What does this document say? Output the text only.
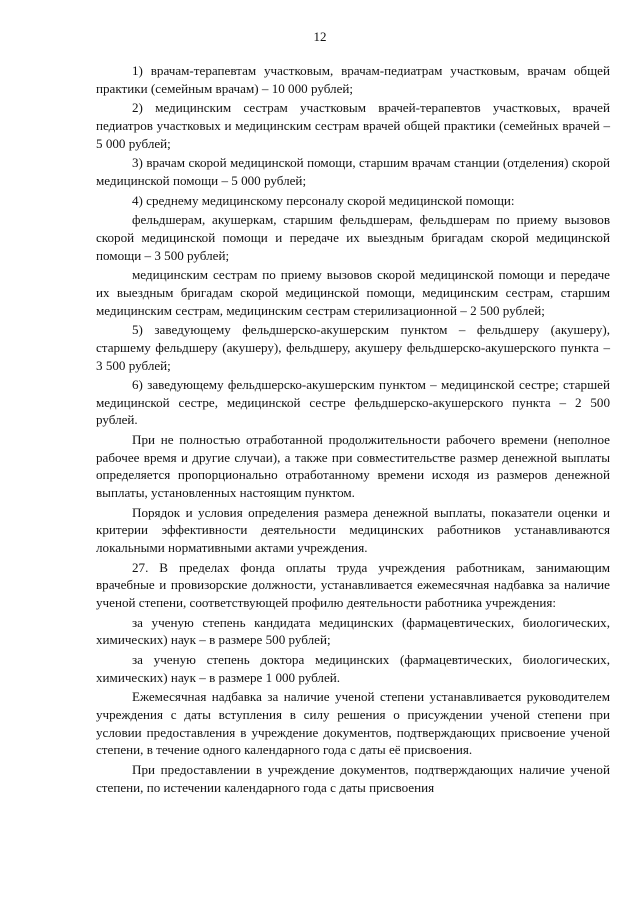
12

1) врачам-терапевтам участковым, врачам-педиатрам участковым, врачам общей практики (семейным врачам) – 10 000 рублей;

2) медицинским сестрам участковым врачей-терапевтов участковых, врачей педиатров участковых и медицинским сестрам врачей общей практики (семейных врачей – 5 000 рублей;

3) врачам скорой медицинской помощи, старшим врачам станции (отделения) скорой медицинской помощи – 5 000 рублей;

4) среднему медицинскому персоналу скорой медицинской помощи:

фельдшерам, акушеркам, старшим фельдшерам, фельдшерам по приему вызовов скорой медицинской помощи и передаче их выездным бригадам скорой медицинской помощи – 3 500 рублей;

медицинским сестрам по приему вызовов скорой медицинской помощи и передаче их выездным бригадам скорой медицинской помощи, медицинским сестрам, старшим медицинским сестрам, медицинским сестрам стерилизационной – 2 500 рублей;

5) заведующему фельдшерско-акушерским пунктом – фельдшеру (акушеру), старшему фельдшеру (акушеру), фельдшеру, акушеру фельдшерско-акушерского пункта – 3 500 рублей;

6) заведующему фельдшерско-акушерским пунктом – медицинской сестре; старшей медицинской сестре, медицинской сестре фельдшерско-акушерского пункта – 2 500 рублей.

При не полностью отработанной продолжительности рабочего времени (неполное рабочее время и другие случаи), а также при совместительстве размер денежной выплаты определяется пропорционально отработанному времени исходя из размеров денежной выплаты, установленных настоящим пунктом.

Порядок и условия определения размера денежной выплаты, показатели оценки и критерии эффективности деятельности медицинских работников устанавливаются локальными нормативными актами учреждения.

27. В пределах фонда оплаты труда учреждения работникам, занимающим врачебные и провизорские должности, устанавливается ежемесячная надбавка за наличие ученой степени, соответствующей профилю деятельности работника учреждения:

за ученую степень кандидата медицинских (фармацевтических, биологических, химических) наук – в размере 500 рублей;

за ученую степень доктора медицинских (фармацевтических, биологических, химических) наук – в размере 1 000 рублей.

Ежемесячная надбавка за наличие ученой степени устанавливается руководителем учреждения с даты вступления в силу решения о присуждении ученой степени при условии предоставления в учреждение документов, подтверждающих присвоение ученой степени, в течение одного календарного года с даты её присвоения.

При предоставлении в учреждение документов, подтверждающих наличие ученой степени, по истечении календарного года с даты присвоения
